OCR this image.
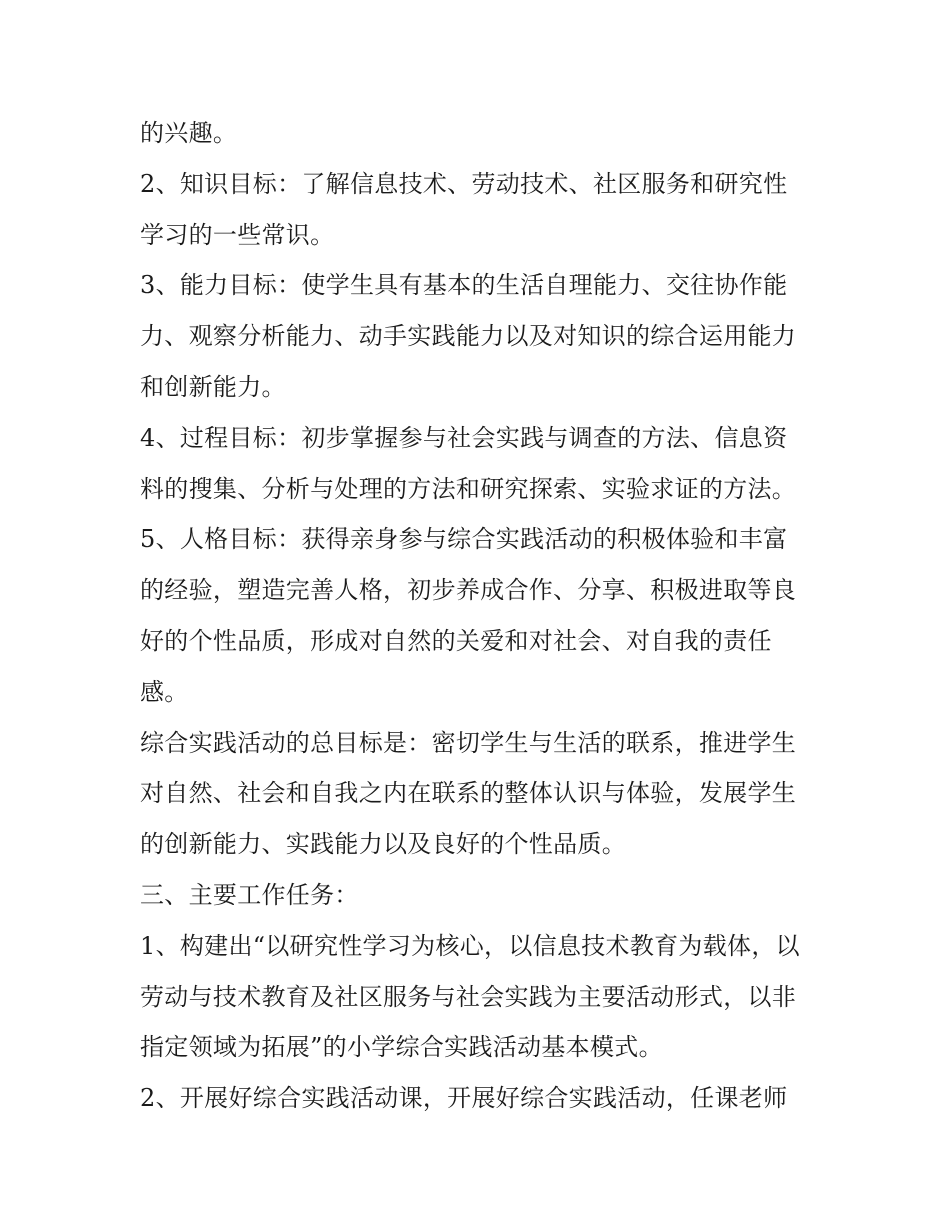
的兴趣。
2、知识目标：了解信息技术、劳动技术、社区服务和研究性
学习的一些常识。
3、能力目标：使学生具有基本的生活自理能力、交往协作能
力、观察分析能力、动手实践能力以及对知识的综合运用能力
和创新能力。
4、过程目标：初步掌握参与社会实践与调查的方法、信息资
料的搜集、分析与处理的方法和研究探索、实验求证的方法。
5、人格目标：获得亲身参与综合实践活动的积极体验和丰富
的经验，塑造完善人格，初步养成合作、分享、积极进取等良
好的个性品质，形成对自然的关爱和对社会、对自我的责任
感。
综合实践活动的总目标是：密切学生与生活的联系，推进学生
对自然、社会和自我之内在联系的整体认识与体验，发展学生
的创新能力、实践能力以及良好的个性品质。
三、主要工作任务：
1、构建出“以研究性学习为核心，以信息技术教育为载体，以
劳动与技术教育及社区服务与社会实践为主要活动形式，以非
指定领域为拓展”的小学综合实践活动基本模式。
2、开展好综合实践活动课，开展好综合实践活动，任课老师
